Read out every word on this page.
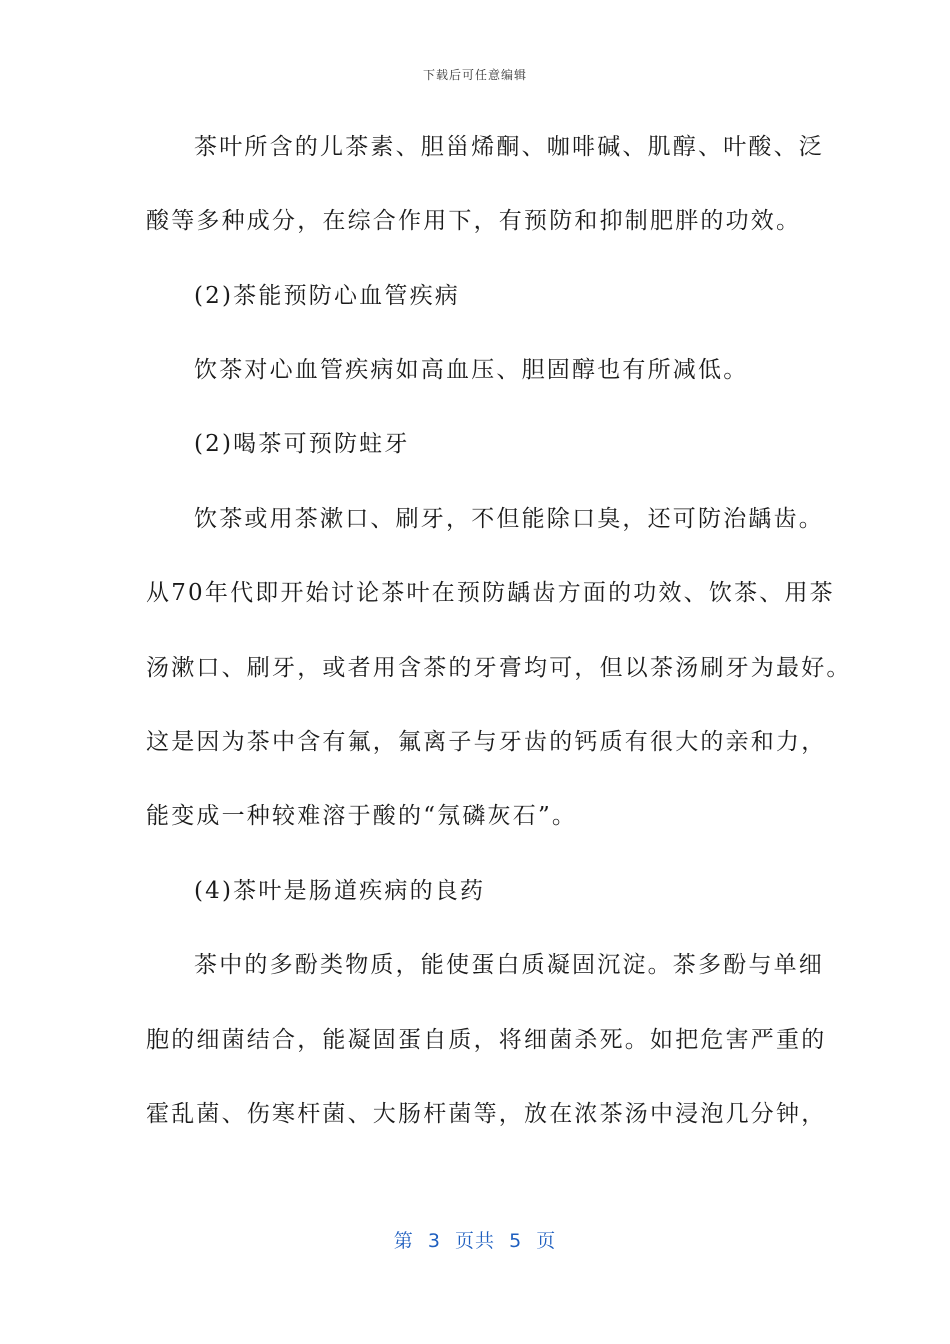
下载后可任意编辑
茶叶所含的儿茶素、胆甾烯酮、咖啡碱、肌醇、叶酸、泛
酸等多种成分，在综合作用下，有预防和抑制肥胖的功效。
(2)茶能预防心血管疾病
饮茶对心血管疾病如高血压、胆固醇也有所减低。
(2)喝茶可预防蛀牙
饮茶或用茶漱口、刷牙，不但能除口臭，还可防治龋齿。
从70年代即开始讨论茶叶在预防龋齿方面的功效、饮茶、用茶
汤漱口、刷牙，或者用含茶的牙膏均可，但以茶汤刷牙为最好。
这是因为茶中含有氟，氟离子与牙齿的钙质有很大的亲和力，
能变成一种较难溶于酸的“氖磷灰石”。
(4)茶叶是肠道疾病的良药
茶中的多酚类物质，能使蛋白质凝固沉淀。茶多酚与单细
胞的细菌结合，能凝固蛋自质，将细菌杀死。如把危害严重的
霍乱菌、伤寒杆菌、大肠杆菌等，放在浓茶汤中浸泡几分钟，
第  3  页共  5  页
